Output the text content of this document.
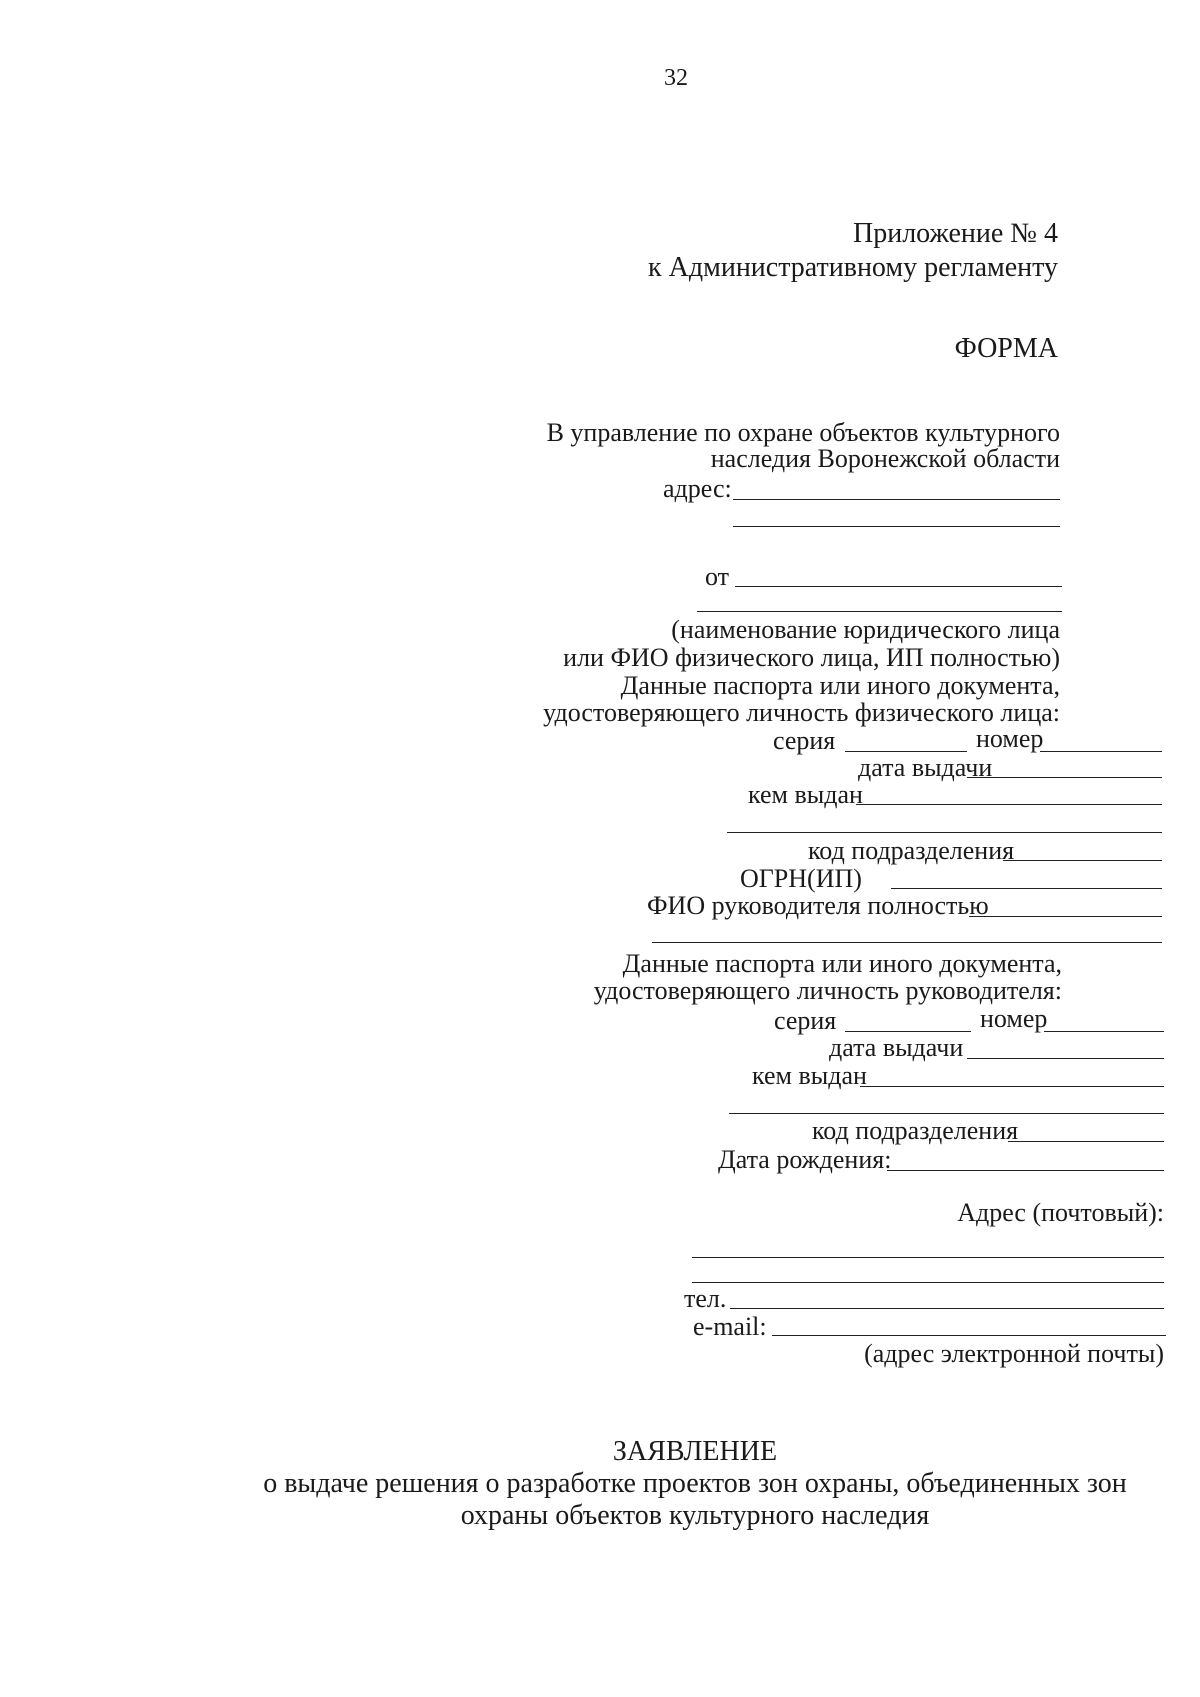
32
Приложение № 4
к Административному регламенту
ФОРМА
В управление по охране объектов культурного
наследия Воронежской области
адрес:
от
(наименование юридического лица
или ФИО физического лица, ИП полностью)
Данные паспорта или иного документа,
удостоверяющего личность физического лица:
серия	номер
дата выдачи
кем выдан
код подразделения
ОГРН(ИП)
ФИО руководителя полностью
Данные паспорта или иного документа,
удостоверяющего личность руководителя:
серия	номер
дата выдачи
кем выдан
код подразделения
Дата рождения:
Адрес (почтовый):
тел.
e-mail:
(адрес электронной почты)
ЗАЯВЛЕНИЕ
о выдаче решения о разработке проектов зон охраны, объединенных зон
охраны объектов культурного наследия
